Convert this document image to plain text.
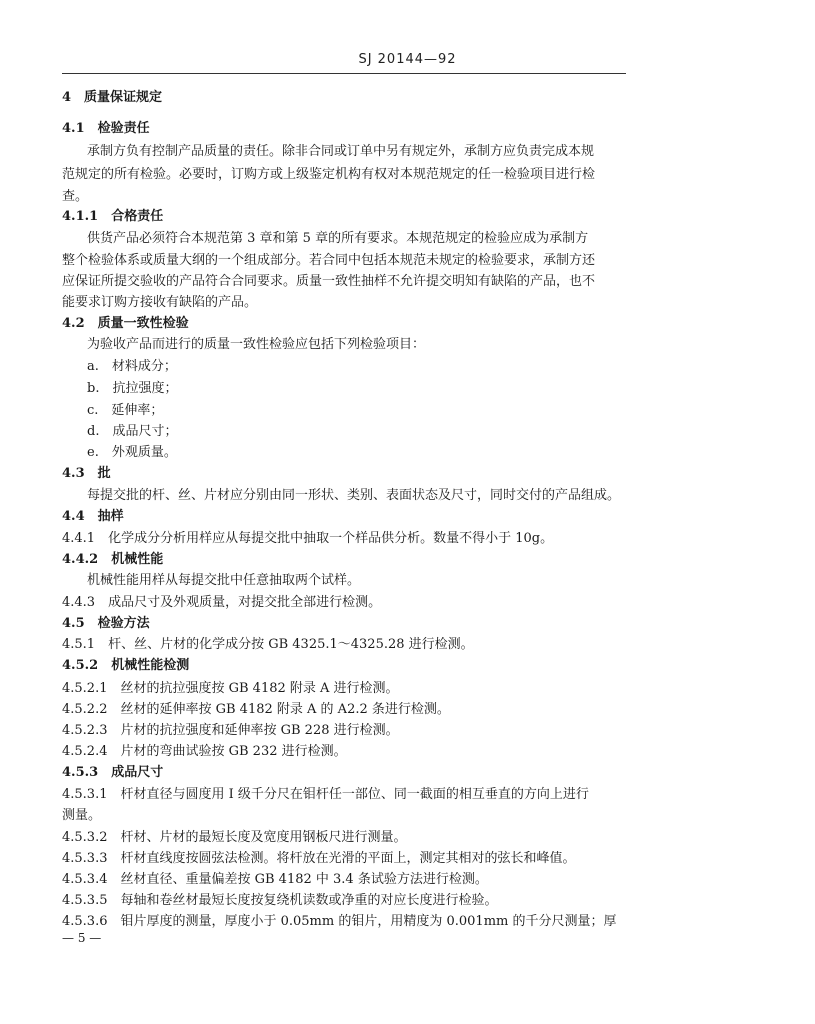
SJ 20144—92
4　质量保证规定
4.1　检验责任
承制方负有控制产品质量的责任。除非合同或订单中另有规定外，承制方应负责完成本规
范规定的所有检验。必要时，订购方或上级鉴定机构有权对本规范规定的任一检验项目进行检
查。
4.1.1　合格责任
供货产品必须符合本规范第 3 章和第 5 章的所有要求。本规范规定的检验应成为承制方
整个检验体系或质量大纲的一个组成部分。若合同中包括本规范未规定的检验要求，承制方还
应保证所提交验收的产品符合合同要求。质量一致性抽样不允许提交明知有缺陷的产品，也不
能要求订购方接收有缺陷的产品。
4.2　质量一致性检验
为验收产品而进行的质量一致性检验应包括下列检验项目：
a.　材料成分；
b.　抗拉强度；
c.　延伸率；
d.　成品尺寸；
e.　外观质量。
4.3　批
每提交批的杆、丝、片材应分别由同一形状、类别、表面状态及尺寸，同时交付的产品组成。
4.4　抽样
4.4.1　化学成分分析用样应从每提交批中抽取一个样品供分析。数量不得小于 10g。
4.4.2　机械性能
机械性能用样从每提交批中任意抽取两个试样。
4.4.3　成品尺寸及外观质量，对提交批全部进行检测。
4.5　检验方法
4.5.1　杆、丝、片材的化学成分按 GB 4325.1～4325.28 进行检测。
4.5.2　机械性能检测
4.5.2.1　丝材的抗拉强度按 GB 4182 附录 A 进行检测。
4.5.2.2　丝材的延伸率按 GB 4182 附录 A 的 A2.2 条进行检测。
4.5.2.3　片材的抗拉强度和延伸率按 GB 228 进行检测。
4.5.2.4　片材的弯曲试验按 GB 232 进行检测。
4.5.3　成品尺寸
4.5.3.1　杆材直径与圆度用 I 级千分尺在钼杆任一部位、同一截面的相互垂直的方向上进行
测量。
4.5.3.2　杆材、片材的最短长度及宽度用钢板尺进行测量。
4.5.3.3　杆材直线度按圆弦法检测。将杆放在光滑的平面上，测定其相对的弦长和峰值。
4.5.3.4　丝材直径、重量偏差按 GB 4182 中 3.4 条试验方法进行检测。
4.5.3.5　每轴和卷丝材最短长度按复绕机读数或净重的对应长度进行检验。
4.5.3.6　钼片厚度的测量，厚度小于 0.05mm 的钼片，用精度为 0.001mm 的千分尺测量；厚
— 5 —
